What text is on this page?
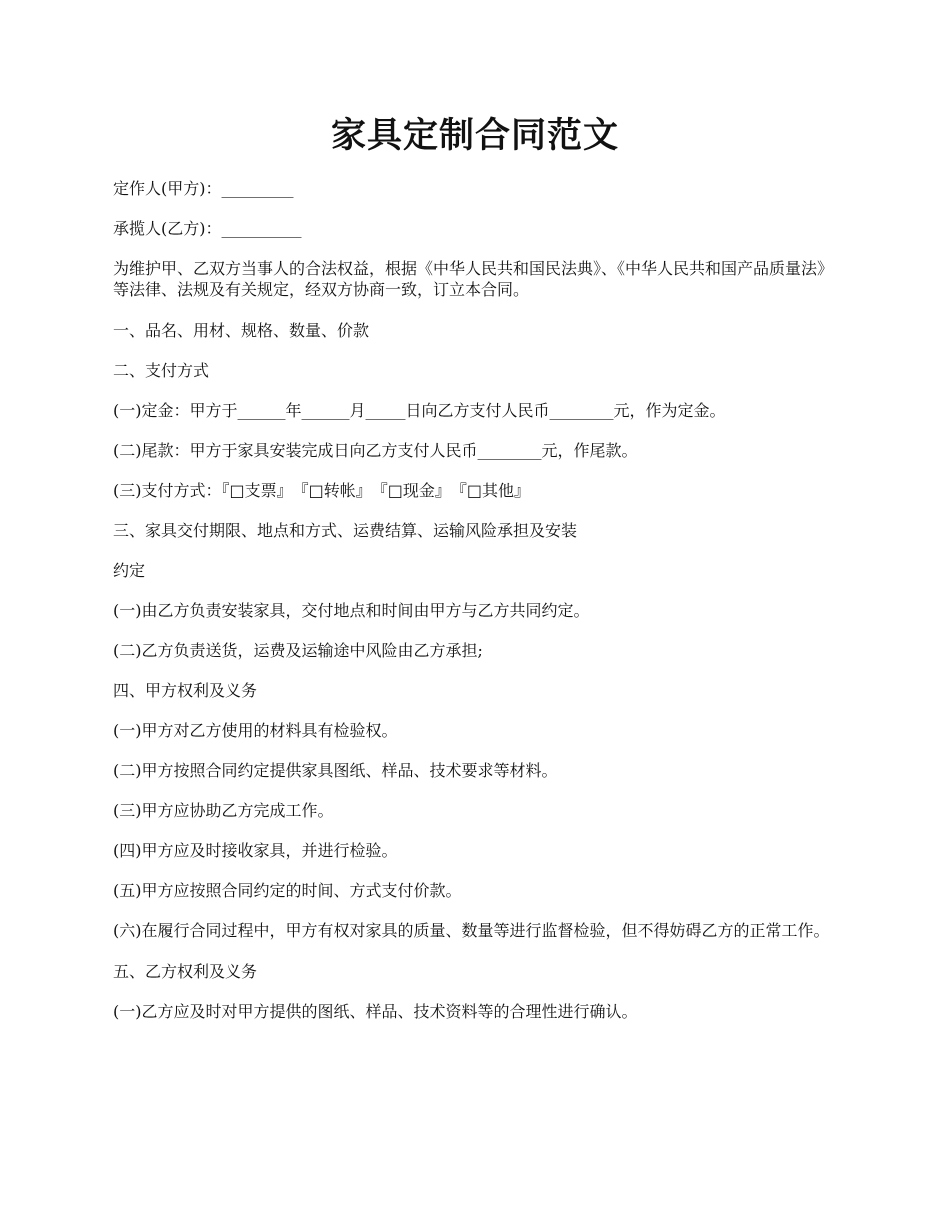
家具定制合同范文

定作人(甲方)：_________

承揽人(乙方)：__________

为维护甲、乙双方当事人的合法权益，根据《中华人民共和国民法典》、《中华人民共和国产品质量法》等法律、法规及有关规定，经双方协商一致，订立本合同。

一、品名、用材、规格、数量、价款

二、支付方式

(一)定金：甲方于______年______月_____日向乙方支付人民币________元，作为定金。

(二)尾款：甲方于家具安装完成日向乙方支付人民币________元，作尾款。

(三)支付方式：『□支票』　『□转帐』　『□现金』　『□其他』

三、家具交付期限、地点和方式、运费结算、运输风险承担及安装

约定

(一)由乙方负责安装家具，交付地点和时间由甲方与乙方共同约定。

(二)乙方负责送货，运费及运输途中风险由乙方承担;

四、甲方权利及义务

(一)甲方对乙方使用的材料具有检验权。

(二)甲方按照合同约定提供家具图纸、样品、技术要求等材料。

(三)甲方应协助乙方完成工作。

(四)甲方应及时接收家具，并进行检验。

(五)甲方应按照合同约定的时间、方式支付价款。

(六)在履行合同过程中，甲方有权对家具的质量、数量等进行监督检验，但不得妨碍乙方的正常工作。

五、乙方权利及义务

(一)乙方应及时对甲方提供的图纸、样品、技术资料等的合理性进行确认。
